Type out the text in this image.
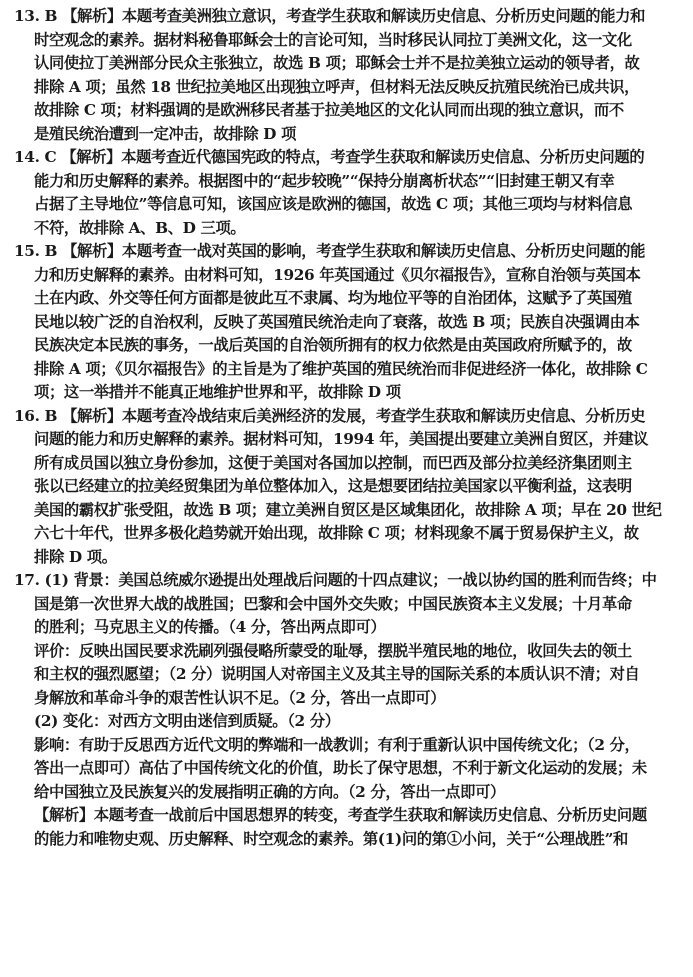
13. B 【解析】本题考查美洲独立意识，考查学生获取和解读历史信息、分析历史问题的能力和
时空观念的素养。据材料秘鲁耶稣会士的言论可知，当时移民认同拉丁美洲文化，这一文化
认同使拉丁美洲部分民众主张独立，故选 B 项；耶稣会士并不是拉美独立运动的领导者，故
排除 A 项；虽然 18 世纪拉美地区出现独立呼声，但材料无法反映反抗殖民统治已成共识，
故排除 C 项；材料强调的是欧洲移民者基于拉美地区的文化认同而出现的独立意识，而不
是殖民统治遭到一定冲击，故排除 D 项
14. C 【解析】本题考查近代德国宪政的特点，考查学生获取和解读历史信息、分析历史问题的
能力和历史解释的素养。根据图中的“起步较晚”“保持分崩离析状态”“旧封建王朝又有幸
占据了主导地位”等信息可知，该国应该是欧洲的德国，故选 C 项；其他三项均与材料信息
不符，故排除 A、B、D 三项。
15. B 【解析】本题考查一战对英国的影响，考查学生获取和解读历史信息、分析历史问题的能
力和历史解释的素养。由材料可知，1926 年英国通过《贝尔福报告》，宣称自治领与英国本
土在内政、外交等任何方面都是彼此互不隶属、均为地位平等的自治团体，这赋予了英国殖
民地以较广泛的自治权利，反映了英国殖民统治走向了衰落，故选 B 项；民族自决强调由本
民族决定本民族的事务，一战后英国的自治领所拥有的权力依然是由英国政府所赋予的，故
排除 A 项；《贝尔福报告》的主旨是为了维护英国的殖民统治而非促进经济一体化，故排除 C
项；这一举措并不能真正地维护世界和平，故排除 D 项
16. B 【解析】本题考查冷战结束后美洲经济的发展，考查学生获取和解读历史信息、分析历史
问题的能力和历史解释的素养。据材料可知，1994 年，美国提出要建立美洲自贸区，并建议
所有成员国以独立身份参加，这便于美国对各国加以控制，而巴西及部分拉美经济集团则主
张以已经建立的拉美经贸集团为单位整体加入，这是想要团结拉美国家以平衡利益，这表明
美国的霸权扩张受阻，故选 B 项；建立美洲自贸区是区域集团化，故排除 A 项；早在 20 世纪
六七十年代，世界多极化趋势就开始出现，故排除 C 项；材料现象不属于贸易保护主义，故
排除 D 项。
17. (1) 背景：美国总统威尔逊提出处理战后问题的十四点建议；一战以协约国的胜利而告终；中
国是第一次世界大战的战胜国；巴黎和会中国外交失败；中国民族资本主义发展；十月革命
的胜利；马克思主义的传播。（4 分，答出两点即可）
评价：反映出国民要求洗刷列强侵略所蒙受的耻辱，摆脱半殖民地的地位，收回失去的领土
和主权的强烈愿望；（2 分）说明国人对帝国主义及其主导的国际关系的本质认识不清；对自
身解放和革命斗争的艰苦性认识不足。（2 分，答出一点即可）
(2) 变化：对西方文明由迷信到质疑。（2 分）
影响：有助于反思西方近代文明的弊端和一战教训；有利于重新认识中国传统文化；（2 分，
答出一点即可）高估了中国传统文化的价值，助长了保守思想，不利于新文化运动的发展；未
给中国独立及民族复兴的发展指明正确的方向。（2 分，答出一点即可）
【解析】本题考查一战前后中国思想界的转变，考查学生获取和解读历史信息、分析历史问题
的能力和唯物史观、历史解释、时空观念的素养。第(1)问的第①小问，关于“公理战胜”和
